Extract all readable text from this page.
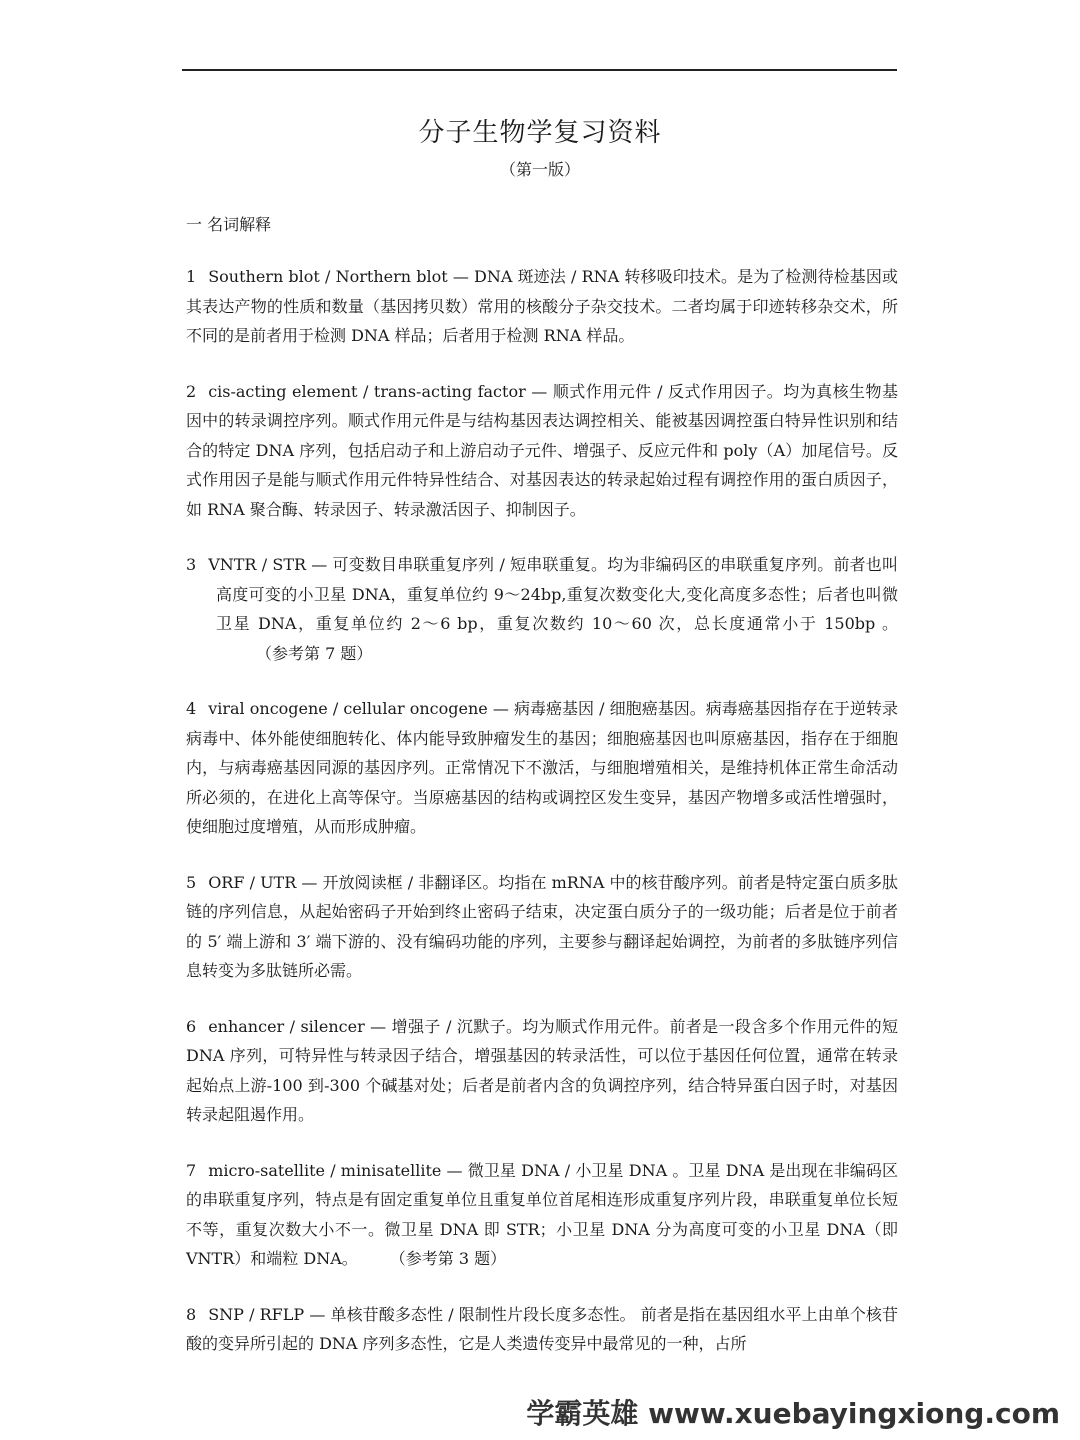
分子生物学复习资料
（第一版）
一 名词解释

1 Southern blot / Northern blot — DNA 斑迹法 / RNA 转移吸印技术。是为了检测待检基因或其表达产物的性质和数量（基因拷贝数）常用的核酸分子杂交技术。二者均属于印迹转移杂交术，所不同的是前者用于检测 DNA 样品；后者用于检测 RNA 样品。

2 cis-acting element / trans-acting factor — 顺式作用元件 / 反式作用因子。均为真核生物基因中的转录调控序列。顺式作用元件是与结构基因表达调控相关、能被基因调控蛋白特异性识别和结合的特定 DNA 序列，包括启动子和上游启动子元件、增强子、反应元件和 poly（A）加尾信号。反式作用因子是能与顺式作用元件特异性结合、对基因表达的转录起始过程有调控作用的蛋白质因子，如 RNA 聚合酶、转录因子、转录激活因子、抑制因子。

3 VNTR / STR — 可变数目串联重复序列 / 短串联重复。均为非编码区的串联重复序列。前者也叫高度可变的小卫星 DNA，重复单位约 9～24bp,重复次数变化大,变化高度多态性；后者也叫微卫星 DNA，重复单位约 2～6 bp，重复次数约 10～60 次，总长度通常小于 150bp 。（参考第 7 题）

4 viral oncogene / cellular oncogene — 病毒癌基因 / 细胞癌基因。病毒癌基因指存在于逆转录病毒中、体外能使细胞转化、体内能导致肿瘤发生的基因；细胞癌基因也叫原癌基因，指存在于细胞内，与病毒癌基因同源的基因序列。正常情况下不激活，与细胞增殖相关，是维持机体正常生命活动所必须的，在进化上高等保守。当原癌基因的结构或调控区发生变异，基因产物增多或活性增强时，使细胞过度增殖，从而形成肿瘤。

5 ORF / UTR — 开放阅读框 / 非翻译区。均指在 mRNA 中的核苷酸序列。前者是特定蛋白质多肽链的序列信息，从起始密码子开始到终止密码子结束，决定蛋白质分子的一级功能；后者是位于前者的 5′ 端上游和 3′ 端下游的、没有编码功能的序列，主要参与翻译起始调控，为前者的多肽链序列信息转变为多肽链所必需。

6 enhancer / silencer — 增强子 / 沉默子。均为顺式作用元件。前者是一段含多个作用元件的短 DNA 序列，可特异性与转录因子结合，增强基因的转录活性，可以位于基因任何位置，通常在转录起始点上游-100 到-300 个碱基对处；后者是前者内含的负调控序列，结合特异蛋白因子时，对基因转录起阻遏作用。

7 micro-satellite / minisatellite — 微卫星 DNA / 小卫星 DNA 。卫星 DNA 是出现在非编码区的串联重复序列，特点是有固定重复单位且重复单位首尾相连形成重复序列片段，串联重复单位长短不等，重复次数大小不一。微卫星 DNA 即 STR；小卫星 DNA 分为高度可变的小卫星 DNA（即 VNTR）和端粒 DNA。	（参考第 3 题）

8 SNP / RFLP — 单核苷酸多态性 / 限制性片段长度多态性。 前者是指在基因组水平上由单个核苷酸的变异所引起的 DNA 序列多态性，它是人类遗传变异中最常见的一种，占所

学霸英雄 www.xuebayingxiong.com
